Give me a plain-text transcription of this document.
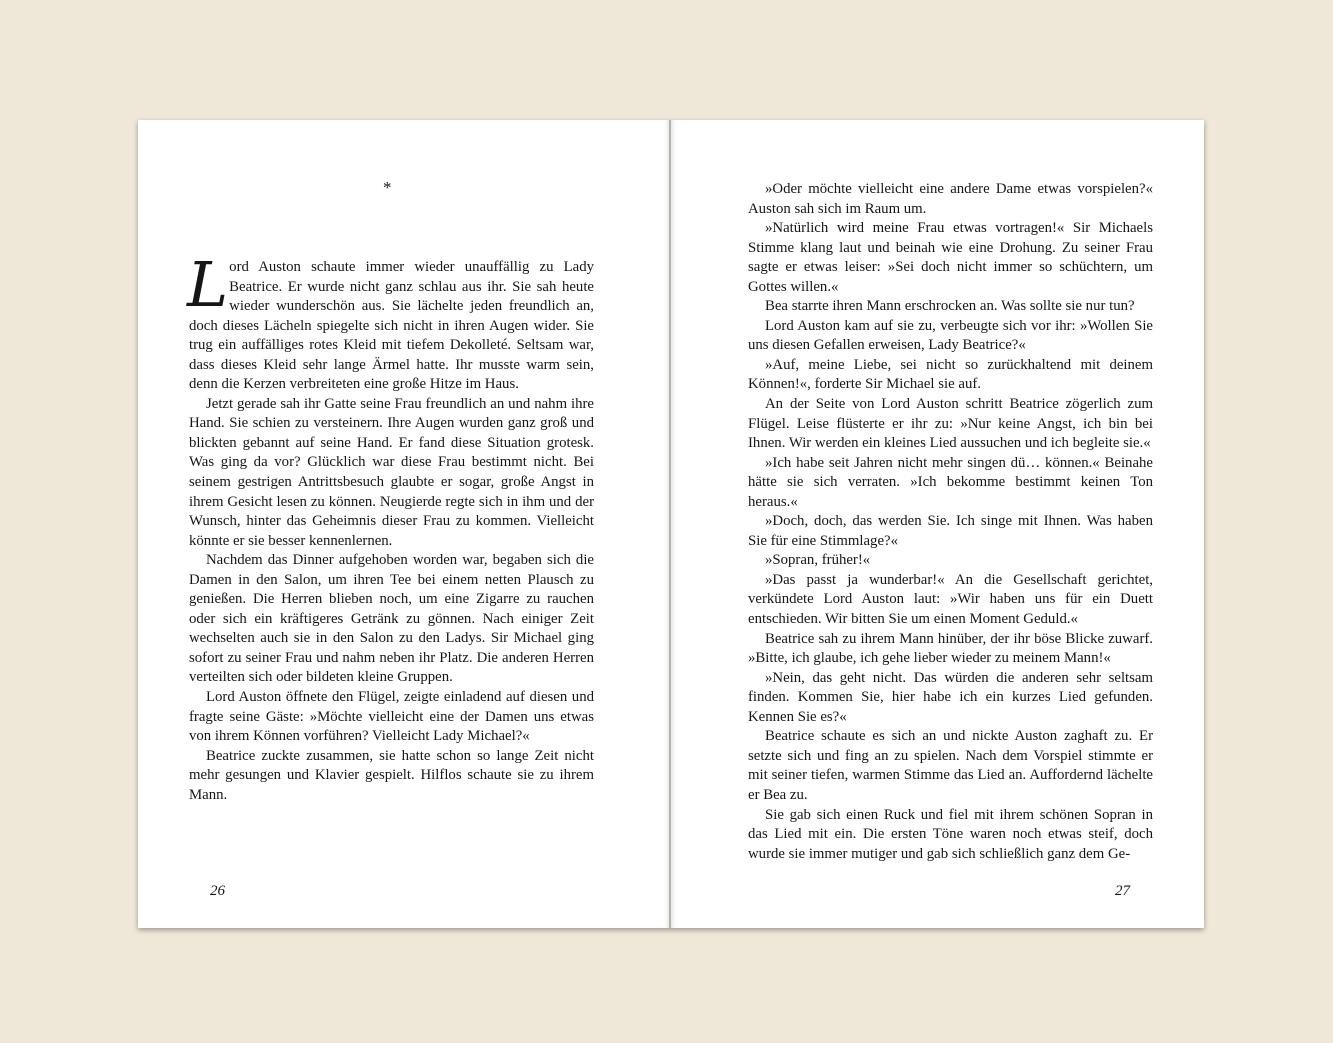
*

Lord Auston schaute immer wieder unauffällig zu Lady Beatrice. Er wurde nicht ganz schlau aus ihr. Sie sah heute wieder wunderschön aus. Sie lächelte jeden freundlich an, doch dieses Lächeln spiegelte sich nicht in ihren Augen wider. Sie trug ein auffälliges rotes Kleid mit tiefem Dekolleté. Seltsam war, dass dieses Kleid sehr lange Ärmel hatte. Ihr musste warm sein, denn die Kerzen verbreiteten eine große Hitze im Haus.

Jetzt gerade sah ihr Gatte seine Frau freundlich an und nahm ihre Hand. Sie schien zu versteinern. Ihre Augen wurden ganz groß und blickten gebannt auf seine Hand. Er fand diese Situation grotesk. Was ging da vor? Glücklich war diese Frau bestimmt nicht. Bei seinem gestrigen Antrittsbesuch glaubte er sogar, große Angst in ihrem Gesicht lesen zu können. Neugierde regte sich in ihm und der Wunsch, hinter das Geheimnis dieser Frau zu kommen. Vielleicht könnte er sie besser kennenlernen.

Nachdem das Dinner aufgehoben worden war, begaben sich die Damen in den Salon, um ihren Tee bei einem netten Plausch zu genießen. Die Herren blieben noch, um eine Zigarre zu rauchen oder sich ein kräftigeres Getränk zu gönnen. Nach einiger Zeit wechselten auch sie in den Salon zu den Ladys. Sir Michael ging sofort zu seiner Frau und nahm neben ihr Platz. Die anderen Herren verteilten sich oder bildeten kleine Gruppen.

Lord Auston öffnete den Flügel, zeigte einladend auf diesen und fragte seine Gäste: »Möchte vielleicht eine der Damen uns etwas von ihrem Können vorführen? Vielleicht Lady Michael?«

Beatrice zuckte zusammen, sie hatte schon so lange Zeit nicht mehr gesungen und Klavier gespielt. Hilflos schaute sie zu ihrem Mann.

26

»Oder möchte vielleicht eine andere Dame etwas vorspielen?« Auston sah sich im Raum um.

»Natürlich wird meine Frau etwas vortragen!« Sir Michaels Stimme klang laut und beinah wie eine Drohung. Zu seiner Frau sagte er etwas leiser: »Sei doch nicht immer so schüchtern, um Gottes willen.«

Bea starrte ihren Mann erschrocken an. Was sollte sie nur tun?

Lord Auston kam auf sie zu, verbeugte sich vor ihr: »Wollen Sie uns diesen Gefallen erweisen, Lady Beatrice?«

»Auf, meine Liebe, sei nicht so zurückhaltend mit deinem Können!«, forderte Sir Michael sie auf.

An der Seite von Lord Auston schritt Beatrice zögerlich zum Flügel. Leise flüsterte er ihr zu: »Nur keine Angst, ich bin bei Ihnen. Wir werden ein kleines Lied aussuchen und ich begleite sie.«

»Ich habe seit Jahren nicht mehr singen dü… können.« Beinahe hätte sie sich verraten. »Ich bekomme bestimmt keinen Ton heraus.«

»Doch, doch, das werden Sie. Ich singe mit Ihnen. Was haben Sie für eine Stimmlage?«

»Sopran, früher!«

»Das passt ja wunderbar!« An die Gesellschaft gerichtet, verkündete Lord Auston laut: »Wir haben uns für ein Duett entschieden. Wir bitten Sie um einen Moment Geduld.«

Beatrice sah zu ihrem Mann hinüber, der ihr böse Blicke zuwarf. »Bitte, ich glaube, ich gehe lieber wieder zu meinem Mann!«

»Nein, das geht nicht. Das würden die anderen sehr seltsam finden. Kommen Sie, hier habe ich ein kurzes Lied gefunden. Kennen Sie es?«

Beatrice schaute es sich an und nickte Auston zaghaft zu. Er setzte sich und fing an zu spielen. Nach dem Vorspiel stimmte er mit seiner tiefen, warmen Stimme das Lied an. Auffordernd lächelte er Bea zu.

Sie gab sich einen Ruck und fiel mit ihrem schönen Sopran in das Lied mit ein. Die ersten Töne waren noch etwas steif, doch wurde sie immer mutiger und gab sich schließlich ganz dem Ge-

27
